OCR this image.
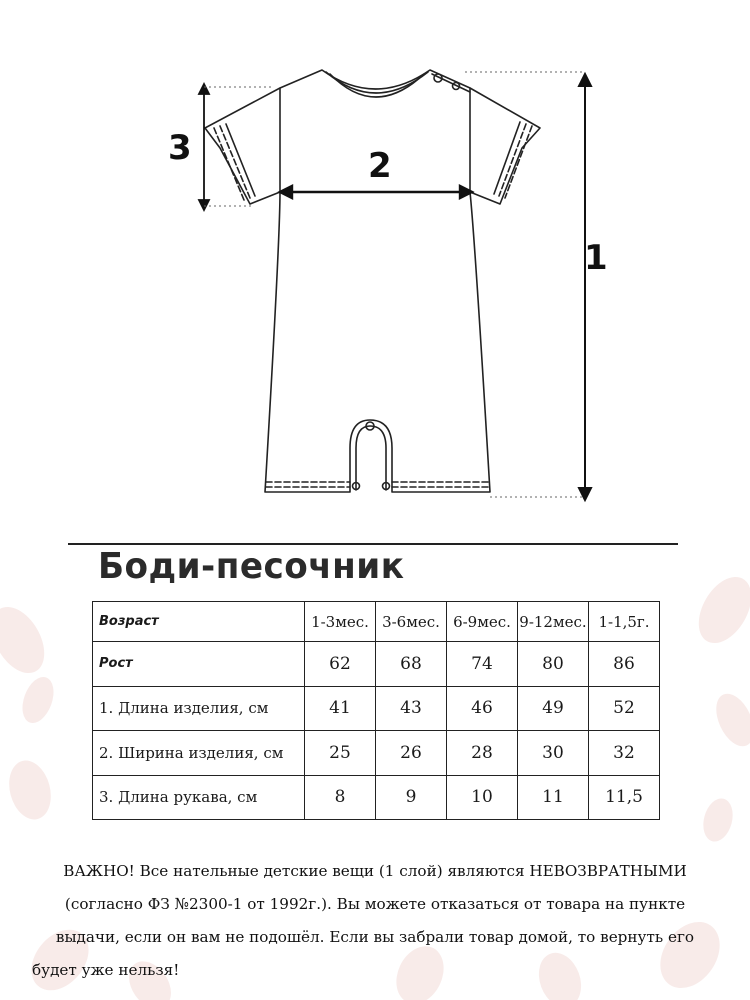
1
2
3
Боди-песочник
Возраст	1-3мес.	3-6мес.	6-9мес.	9-12мес.	1-1,5г.
Рост	62	68	74	80	86
1. Длина изделия, см	41	43	46	49	52
2. Ширина изделия, см	25	26	28	30	32
3. Длина рукава, см	8	9	10	11	11,5
ВАЖНО! Все нательные детские вещи (1 слой) являются НЕВОЗВРАТНЫМИ
(согласно ФЗ №2300-1 от 1992г.). Вы можете отказаться от товара на пункте
выдачи, если он вам не подошёл. Если вы забрали товар домой, то вернуть его
будет уже нельзя!
